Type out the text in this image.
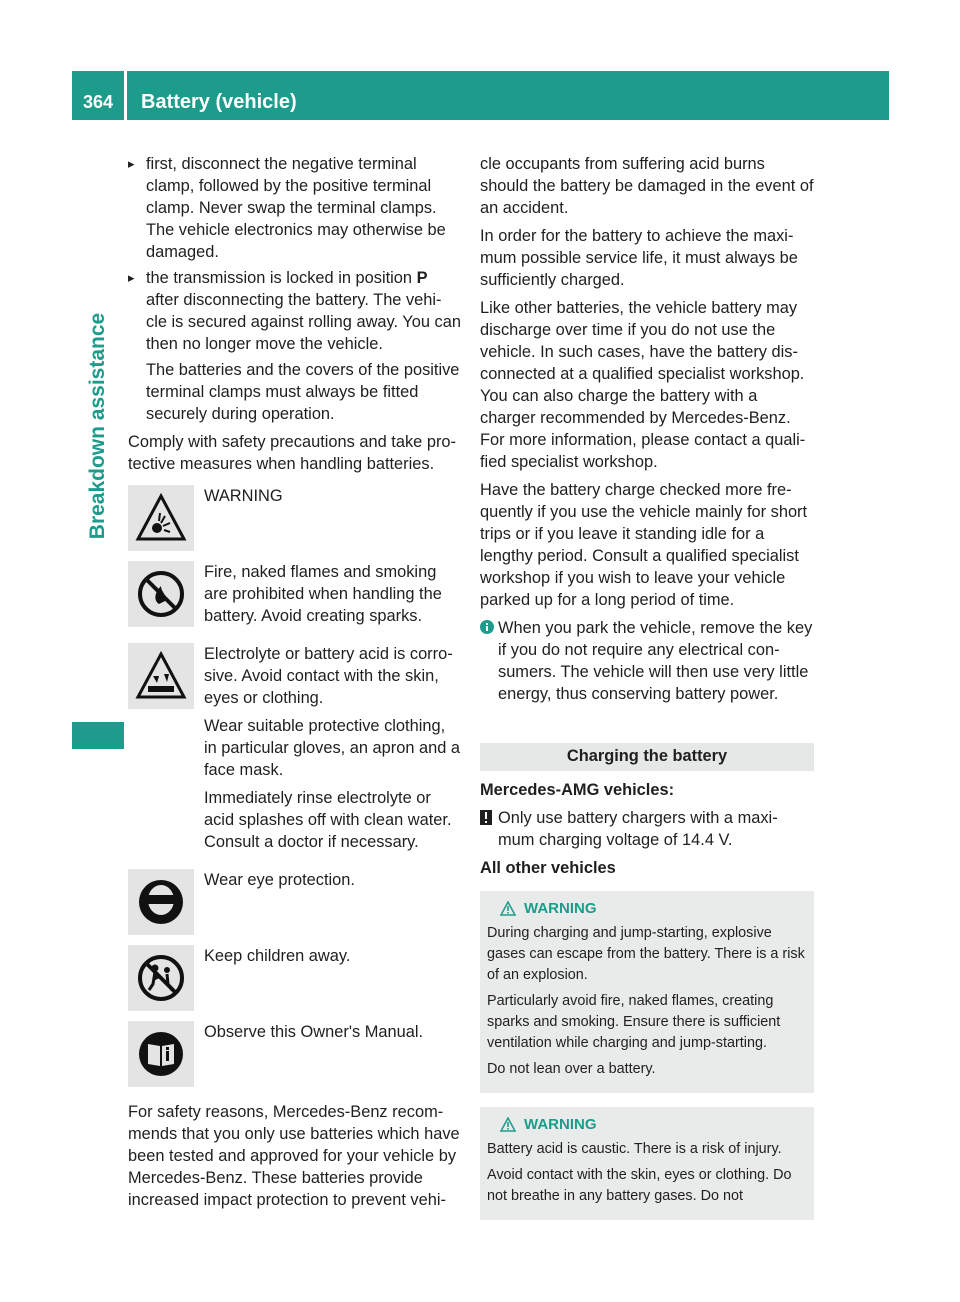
364	Battery (vehicle)
Breakdown assistance

▸ first, disconnect the negative terminal clamp, followed by the positive terminal clamp. Never swap the terminal clamps. The vehicle electronics may otherwise be damaged.

▸ the transmission is locked in position P after disconnecting the battery. The vehi-cle is secured against rolling away. You can then no longer move the vehicle.

The batteries and the covers of the positive terminal clamps must always be fitted securely during operation.

Comply with safety precautions and take pro-tective measures when handling batteries.

WARNING

Fire, naked flames and smoking are prohibited when handling the battery. Avoid creating sparks.

Electrolyte or battery acid is corro-sive. Avoid contact with the skin, eyes or clothing.

Wear suitable protective clothing, in particular gloves, an apron and a face mask.

Immediately rinse electrolyte or acid splashes off with clean water. Consult a doctor if necessary.

Wear eye protection.

Keep children away.

Observe this Owner's Manual.

For safety reasons, Mercedes-Benz recom-mends that you only use batteries which have been tested and approved for your vehicle by Mercedes-Benz. These batteries provide increased impact protection to prevent vehi-

cle occupants from suffering acid burns should the battery be damaged in the event of an accident.

In order for the battery to achieve the maxi-mum possible service life, it must always be sufficiently charged.

Like other batteries, the vehicle battery may discharge over time if you do not use the vehicle. In such cases, have the battery dis-connected at a qualified specialist workshop. You can also charge the battery with a charger recommended by Mercedes-Benz. For more information, please contact a quali-fied specialist workshop.

Have the battery charge checked more fre-quently if you use the vehicle mainly for short trips or if you leave it standing idle for a lengthy period. Consult a qualified specialist workshop if you wish to leave your vehicle parked up for a long period of time.

When you park the vehicle, remove the key if you do not require any electrical con-sumers. The vehicle will then use very little energy, thus conserving battery power.
Charging the battery

Mercedes-AMG vehicles:

Only use battery chargers with a maxi-mum charging voltage of 14.4 V.

All other vehicles

WARNING

During charging and jump-starting, explosive gases can escape from the battery. There is a risk of an explosion.

Particularly avoid fire, naked flames, creating sparks and smoking. Ensure there is sufficient ventilation while charging and jump-starting.

Do not lean over a battery.

WARNING

Battery acid is caustic. There is a risk of injury.

Avoid contact with the skin, eyes or clothing. Do not breathe in any battery gases. Do not
